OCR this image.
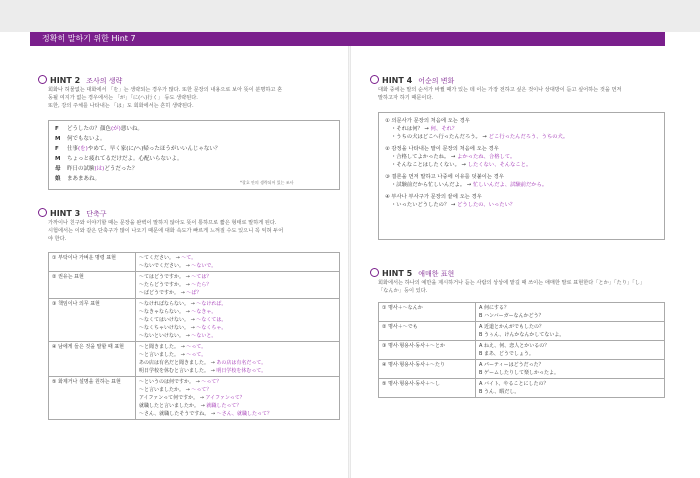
정확히 말하기 위한 Hint 7
HINT 2 조사의 생략
회화나 허물없는 대화에서 「を」는 생략되는 경우가 많다. 또한 문장의 내용으로 보아 뜻이 분명하고 혼
동될 여지가 없는 경우에서는 「が」「に(へ)行く」 등도 생략된다.
또한, 강의 주체를 나타내는 「は」도 회화에서는 흔히 생략된다.
F	どうしたの？顔色 (が) 悪いね。
M	何でもないよ。
F	仕事 (を) やめて、早く家(に/へ)帰ったほうがいいんじゃない？
M	ちょっと疲れてるだけだよ。心配いらないよ。
母	昨日の試験 (は) どうだった？
娘	まあまあね。
*괄호 안의 생략되어 있는 조사
HINT 3 단축구
가까이나 친구와 이야기할 때는 문장을 완벽이 말하지 않아도 뜻이 통하므로 짧은 형태로 말하게 된다.
시험에서는 이와 같은 단축구가 많이 나오기 때문에 대화 속도가 빠르게 느껴질 수도 있으니 꼭 익혀 두어
야 한다.
① 부탁이나 가벼운 명령 표현	～てください。 → ～て。
～ないでください。 → ～ないで。

② 권유는 표현	～てはどうですか。 → ～ては？
～たらどうですか。 → ～たら？
～ばどうですか。 → ～ば？

③ 책임이나 의무 표현	～なければならない。 → ～なければ。
～なきゃならない。 → ～なきゃ。
～なくてはいけない。 → ～なくては。
～なくちゃいけない。 → ～なくちゃ。
～ないといけない。 → ～ないと。

④ 남에게 들은 것을 말할 때 표현	～と聞きました。 → ～って。
～と言いました。 → ～って。
あの店は有名だと聞きました。 → あの店は有名だって。
明日学校を休むと言いました。 → 明日学校を休むって。

⑤ 화제거나 설명을 원하는 표현	～というのは何ですか。 → ～って？
～と言いましたか。 → ～って？
アイファンって何ですか。 → アイファンって？
就職したと言いましたか。 → 就職したって？
～さん、就職したそうですね。 → ～さん、就職したって？
HINT 4 어순의 변화
대화 중에는 말의 순서가 바뀔 때가 있는 데 이는 가장 전하고 싶은 것이나 상대방이 듣고 싶어하는 것을 먼저
말하고자 하기 때문이다.
① 의문사가 문장의 처음에 오는 경우
・それは何？ → 何、それ？
・うちの犬はどこへ行ったんだろう。 → どこ行ったんだろう、うちの犬。
② 감정을 나타내는 말이 문장의 처음에 오는 경우
・合格してよかったね。 → よかったね、合格して。
・そんなことはしたくない。 → したくない、そんなこと。
③ 결론을 먼저 말하고 나중에 이유를 덧붙이는 경우
・試験前だから忙しいんだよ。 → 忙しいんだよ、試験前だから。
④ 부사나 부사구가 문장의 끝에 오는 경우
・いったいどうしたの？ → どうしたの、いったい？
HINT 5 애매한 표현
회화에서는 하나의 예만을 제시하거나 듣는 사람의 상상에 맡길 때 쓰이는 애매한 말로 표현한다「とか」「たり」「し」
「なんか」등이 있다.
① 명사＋～なんか	A 何にする？
B ハンバーガーなんかどう？

② 명사＋～でも	A 近道とかんがでもしたの？
B うぅん、けんかなんかしてないよ。

③ 명사·형용사·동사＋～とか	A ねえ、何、恋人とかいるの？
B まあ、どうでしょう。

④ 명사·형용사·동사＋～たり	A パーティーはどうだった？
B ゲームしたりして楽しかったよ。

⑤ 명사·형용사·동사＋～し	A バイト、やることにしたの？
B うん、暇だし。
